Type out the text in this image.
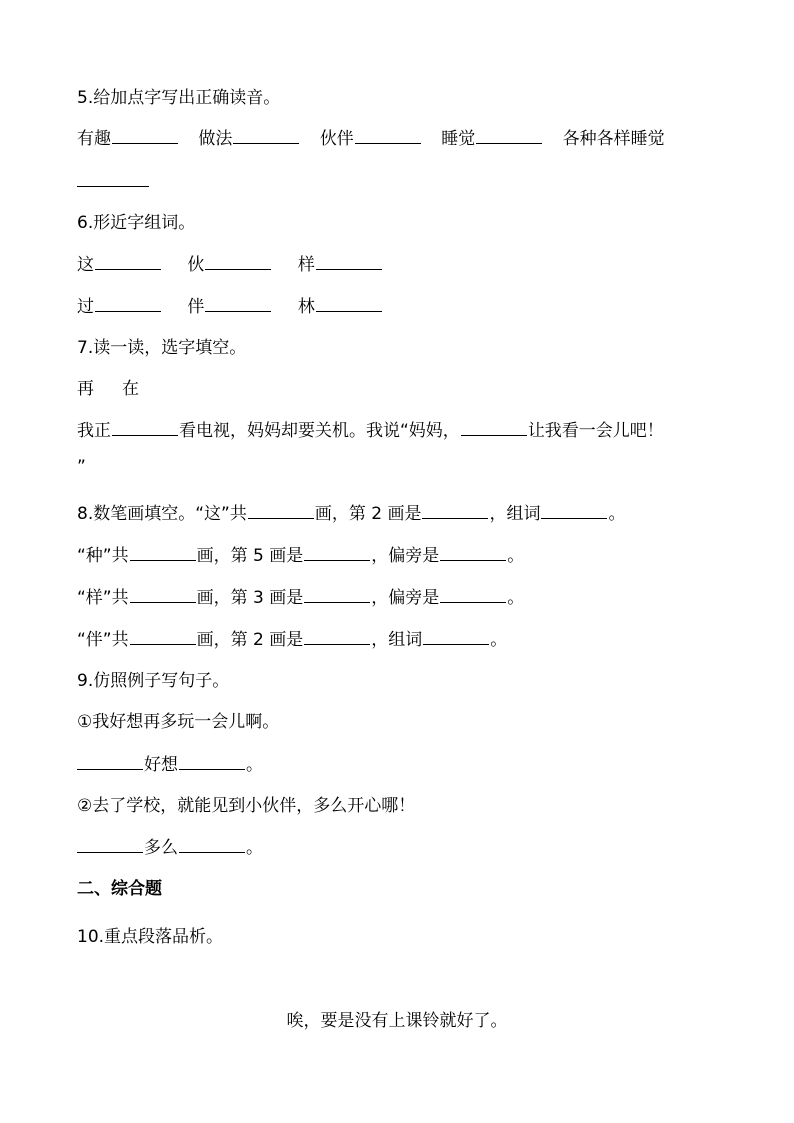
5.给加点字写出正确读音。
有趣	做法	伙伴	睡觉	各种各样睡觉
6.形近字组词。
这	伙	样
过	伴	林
7.读一读，选字填空。
再 在
我正	看电视，妈妈却要关机。我说“妈妈，	让我看一会儿吧！
”
8.数笔画填空。“这”共	画，第 2 画是	，组词	。
“种”共	画，第 5 画是	，偏旁是	。
“样”共	画，第 3 画是	，偏旁是	。
“伴”共	画，第 2 画是	，组词	。
9.仿照例子写句子。
①我好想再多玩一会儿啊。
好想	。
②去了学校，就能见到小伙伴，多么开心哪！
多么	。
二、综合题
10.重点段落品析。
唉，要是没有上课铃就好了。
